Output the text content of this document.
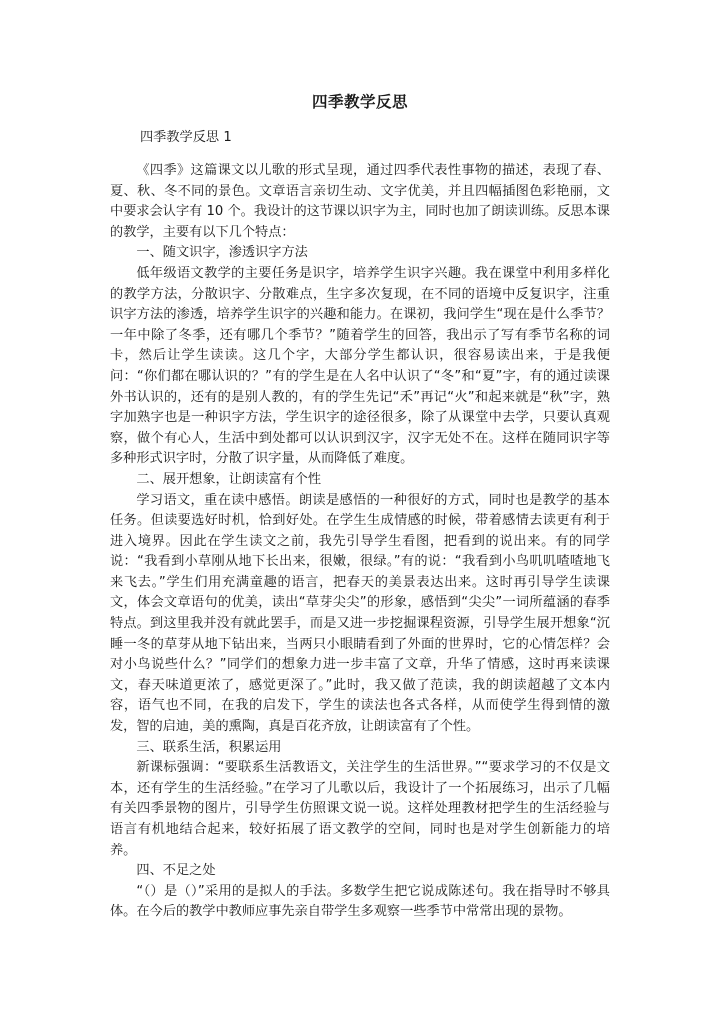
四季教学反思
四季教学反思 1

《四季》这篇课文以儿歌的形式呈现，通过四季代表性事物的描述，表现了春、夏、秋、冬不同的景色。文章语言亲切生动、文字优美，并且四幅插图色彩艳丽，文中要求会认字有 10 个。我设计的这节课以识字为主，同时也加了朗读训练。反思本课的教学，主要有以下几个特点：

一、随文识字，渗透识字方法

低年级语文教学的主要任务是识字，培养学生识字兴趣。我在课堂中利用多样化的教学方法，分散识字、分散难点，生字多次复现，在不同的语境中反复识字，注重识字方法的渗透，培养学生识字的兴趣和能力。在课初，我问学生“现在是什么季节？一年中除了冬季，还有哪几个季节？”随着学生的回答，我出示了写有季节名称的词卡，然后让学生读读。这几个字，大部分学生都认识，很容易读出来，于是我便问：“你们都在哪认识的？”有的学生是在人名中认识了“冬”和“夏”字，有的通过读课外书认识的，还有的是别人教的，有的学生先记“禾”再记“火”和起来就是“秋”字，熟字加熟字也是一种识字方法，学生识字的途径很多，除了从课堂中去学，只要认真观察，做个有心人，生活中到处都可以认识到汉字，汉字无处不在。这样在随同识字等多种形式识字时，分散了识字量，从而降低了难度。

二、展开想象，让朗读富有个性

学习语文，重在读中感悟。朗读是感悟的一种很好的方式，同时也是教学的基本任务。但读要选好时机，恰到好处。在学生生成情感的时候，带着感情去读更有利于进入境界。因此在学生读文之前，我先引导学生看图，把看到的说出来。有的同学说：“我看到小草刚从地下长出来，很嫩，很绿。”有的说：“我看到小鸟叽叽喳喳地飞来飞去。”学生们用充满童趣的语言，把春天的美景表达出来。这时再引导学生读课文，体会文章语句的优美，读出“草芽尖尖”的形象，感悟到“尖尖”一词所蕴涵的春季特点。到这里我并没有就此罢手，而是又进一步挖掘课程资源，引导学生展开想象“沉睡一冬的草芽从地下钻出来，当两只小眼睛看到了外面的世界时，它的心情怎样？会对小鸟说些什么？”同学们的想象力进一步丰富了文章，升华了情感，这时再来读课文，春天味道更浓了，感觉更深了。”此时，我又做了范读，我的朗读超越了文本内容，语气也不同，在我的启发下，学生的读法也各式各样，从而使学生得到情的激发，智的启迪，美的熏陶，真是百花齐放，让朗读富有了个性。

三、联系生活，积累运用

新课标强调：“要联系生活教语文，关注学生的生活世界。”“要求学习的不仅是文本，还有学生的生活经验。”在学习了儿歌以后，我设计了一个拓展练习，出示了几幅有关四季景物的图片，引导学生仿照课文说一说。这样处理教材把学生的生活经验与语言有机地结合起来，较好拓展了语文教学的空间，同时也是对学生创新能力的培养。

四、不足之处

“（）是（）”采用的是拟人的手法。多数学生把它说成陈述句。我在指导时不够具体。在今后的教学中教师应事先亲自带学生多观察一些季节中常常出现的景物。
